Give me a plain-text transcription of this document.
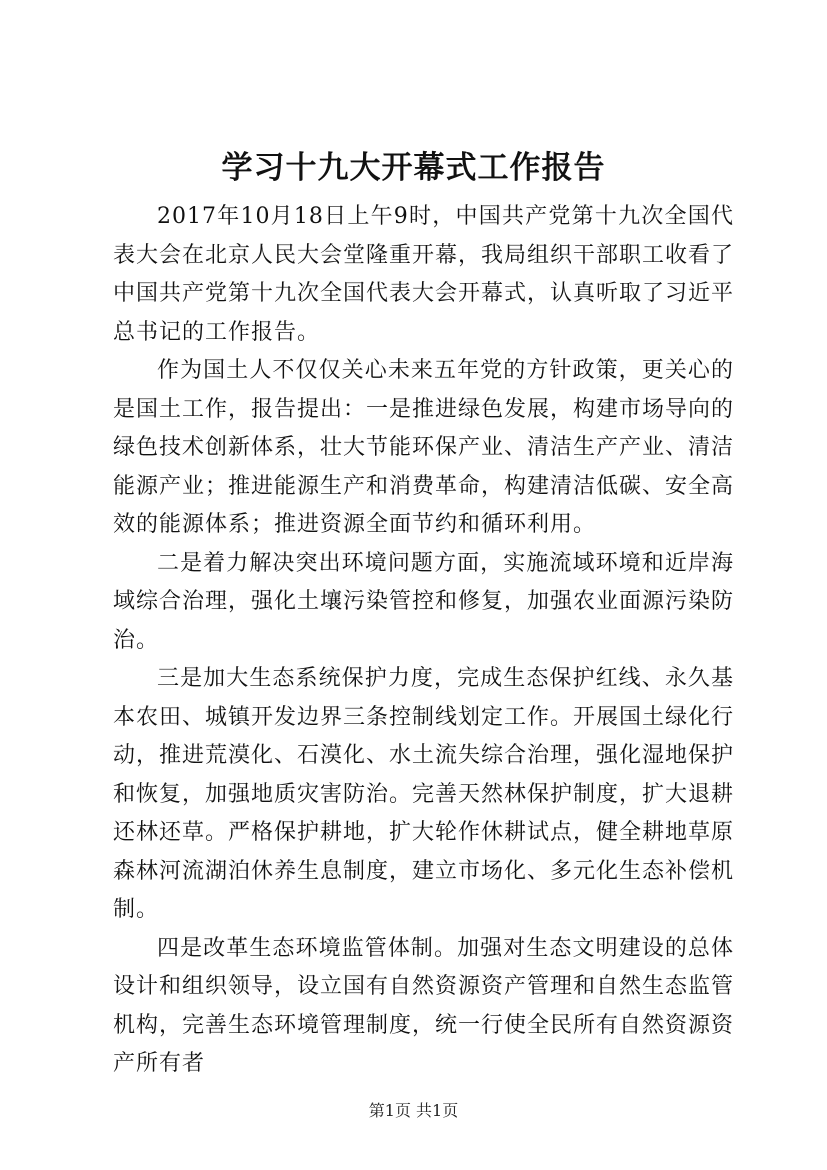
学习十九大开幕式工作报告

2017年10月18日上午9时，中国共产党第十九次全国代表大会在北京人民大会堂隆重开幕，我局组织干部职工收看了中国共产党第十九次全国代表大会开幕式，认真听取了习近平总书记的工作报告。

作为国土人不仅仅关心未来五年党的方针政策，更关心的是国土工作，报告提出：一是推进绿色发展，构建市场导向的绿色技术创新体系，壮大节能环保产业、清洁生产产业、清洁能源产业；推进能源生产和消费革命，构建清洁低碳、安全高效的能源体系；推进资源全面节约和循环利用。

二是着力解决突出环境问题方面，实施流域环境和近岸海域综合治理，强化土壤污染管控和修复，加强农业面源污染防治。

三是加大生态系统保护力度，完成生态保护红线、永久基本农田、城镇开发边界三条控制线划定工作。开展国土绿化行动，推进荒漠化、石漠化、水土流失综合治理，强化湿地保护和恢复，加强地质灾害防治。完善天然林保护制度，扩大退耕还林还草。严格保护耕地，扩大轮作休耕试点，健全耕地草原森林河流湖泊休养生息制度，建立市场化、多元化生态补偿机制。

四是改革生态环境监管体制。加强对生态文明建设的总体设计和组织领导，设立国有自然资源资产管理和自然生态监管机构，完善生态环境管理制度，统一行使全民所有自然资源资产所有者

第1页 共1页
